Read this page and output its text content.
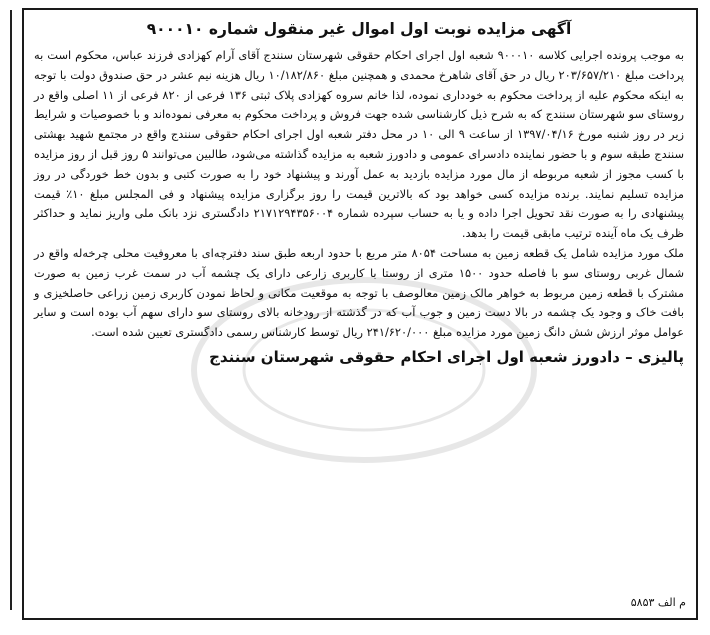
آگهی مزایده نوبت اول اموال غیر منقول شماره ۹۰۰۰۱۰

به موجب پرونده اجرایی کلاسه ۹۰۰۰۱۰ شعبه اول اجرای احکام حقوقی شهرستان سنندج آقای آرام کهزادی فرزند عباس، محکوم است به پرداخت مبلغ ۲۰۳/۶۵۷/۲۱۰ ریال در حق آقای شاهرخ محمدی و همچنین مبلغ ۱۰/۱۸۲/۸۶۰ ریال هزینه نیم عشر در حق صندوق دولت با توجه به اینکه محکوم علیه از پرداخت محکوم به خودداری نموده، لذا خانم سروه کهزادی پلاک ثبتی ۱۳۶ فرعی از ۸۲۰ فرعی از ۱۱ اصلی واقع در روستای سو شهرستان سنندج که به شرح ذیل کارشناسی شده جهت فروش و پرداخت محکوم به معرفی نموده‌اند و با خصوصیات و شرایط زیر در روز شنبه مورخ ۱۳۹۷/۰۴/۱۶ از ساعت ۹ الی ۱۰ در محل دفتر شعبه اول اجرای احکام حقوقی سنندج واقع در مجتمع شهید بهشتی سنندج طبقه سوم و با حضور نماینده دادسرای عمومی و دادورز شعبه به مزایده گذاشته می‌شود، طالبین می‌توانند ۵ روز قبل از روز مزایده با کسب مجوز از شعبه مربوطه از مال مورد مزایده بازدید به عمل آورند و پیشنهاد خود را به صورت کتبی و بدون خط خوردگی در روز مزایده تسلیم نمایند. برنده مزایده کسی خواهد بود که بالاترین قیمت را روز برگزاری مزایده پیشنهاد و فی المجلس مبلغ ۱۰٪ قیمت پیشنهادی را به صورت نقد تحویل اجرا داده و یا به حساب سپرده شماره ۲۱۷۱۲۹۴۳۵۶۰۰۴ دادگستری نزد بانک ملی واریز نماید و حداکثر ظرف یک ماه آینده ترتیب مابقی قیمت را بدهد.

ملک مورد مزایده شامل یک قطعه زمین به مساحت ۸۰۵۴ متر مربع با حدود اربعه طبق سند دفترچه‌ای با معروفیت محلی چرخه‌له واقع در شمال غربی روستای سو با فاصله حدود ۱۵۰۰ متری از روستا با کاربری زارعی دارای یک چشمه آب در سمت غرب زمین به صورت مشترک با قطعه زمین مربوط به خواهر مالک زمین معالوصف با توجه به موقعیت مکانی و لحاظ نمودن کاربری زمین زراعی حاصلخیزی و بافت خاک و وجود یک چشمه در بالا دست زمین و جوب آب که در گذشته از رودخانه بالای روستای سو دارای سهم آب بوده است و سایر عوامل موثر ارزش شش دانگ زمین مورد مزایده مبلغ ۲۴۱/۶۲۰/۰۰۰ ریال توسط کارشناس رسمی دادگستری تعیین شده است.

پالیزی – دادورز شعبه اول اجرای احکام حقوقی شهرستان سنندج
م الف ۵۸۵۳
